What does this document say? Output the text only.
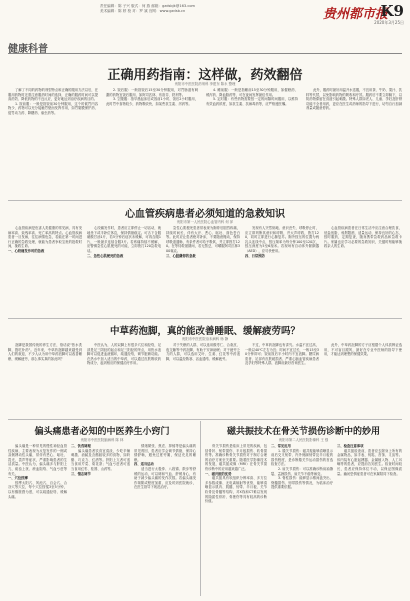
责任编辑：陈 子兴 版式：何 燕 邮箱：gzdsbjk@163.com
美术编辑：陈 婷 校 对：罗 斌 官网：www.gzdsb.cn	贵州都市报
K9
2020年3月25日
健康科普
正确用药指南：这样做，药效翻倍
贵阳市中医医院药剂科 李建东 陈永 整理

了解了不同的药物的剂型特点和正确的服用方法以后，在服用药物时还需注意服药时间的选择，正确的服药时间可以提高药效、降低药物的不良反应，更好地达到治疗疾病的目的。

1. 饭前服：一般是指饭前30分钟服用，这个时候胃内容物少，药物可以充分接触胃壁而发挥作用，如胃黏膜保护药、促胃动力药、降糖药、驱虫药等。

2. 饭后服：一般指饭后15至30分钟服用，对胃肠道有刺激的药物宜饭后服用，如阿司匹林、布洛芬、铁剂等。

3. 空腹服：指早晨起床后或饭前1小时、饭后2小时服用，此时胃中食物较少，药物吸收快，如某些抗生素、泻药等。

4. 睡前服：一般是指睡前15至30分钟服用，如催眠药、缓泻药、降血脂药等，可在夜间发挥最佳作用。

5. 定时服：有些药物需要按一定的间隔时间服用，以维持有效血药浓度，如抗生素、抗病毒药等，应严格遵医嘱。

此外，服药时最好用温开水送服，不宜用茶、牛奶、果汁、饮料等代替，以免影响药物的吸收和疗效。服药后不要立即躺下，以防药物滞留在食道引起刺激。特殊人群如老人、儿童、孕妇及肝肾功能不全者用药，更应在医生或药师的指导下进行，切勿自行加减剂量或随意停药。

心血管疾病患者必须知道的急救知识
贵阳市第一人民医院心血管内科 何 萍

心血管疾病是危害人类健康的常见病，具有发病率高、致残率高、死亡率高的特点。心血管疾病患者一旦发病，往往病情危急，若能在第一时间进行正确的急救处理，就能为患者争取宝贵的抢救时间，挽救生命。

一、心绞痛发作时的急救

心绞痛发作时，患者应立即停止一切活动，就地坐下或半卧位休息，保持情绪稳定。可舌下含服硝酸甘油1片，若5分钟后症状未缓解，可再含服1片，一般最多连续含服3片。若疼痛持续不缓解，应警惕急性心肌梗死的可能，立即拨打120急救电话。

二、急性心肌梗死的急救

急性心肌梗死患者常表现为胸骨后剧烈疼痛，持续时间长，伴有大汗、恶心、呕吐、面色苍白等。此时应让患者绝对卧床，不要随意搬动，保持呼吸道通畅，有条件者可给予吸氧，并立即拨打120。在等待救援期间，若无禁忌，可嚼服阿司匹林300毫克。

三、心脏骤停的急救

发现有人突然倒地、意识丧失、呼吸停止时，应立即判断其意识和呼吸，并大声呼救，拨打120，同时立即进行心肺复苏。胸外按压的位置为两乳头连线中点，按压频率为每分钟100至120次，按压深度为5至6厘米。若现场有自动体外除颤器（AED），应尽快使用。

四、日常预防

心血管疾病患者在日常生活中应注意合理饮食，低盐低脂，戒烟限酒，适量运动，保持良好的心态，按时服药，定期复查，随身携带急救药品和急救卡片。家属也应学习必要的急救知识，关键时刻能够挽救亲人的生命。

中草药泡脚，真的能改善睡眠、缓解疲劳吗？
贵阳市中医医院治未病科 杨 静

泡脚是我国传统的养生方法，俗话说"热水洗脚，胜吃补药"。近年来，中草药泡脚越来越受到人们的欢迎，不少人认为用中草药泡脚可以改善睡眠、缓解疲劳，那么事实真的如此吗？

中医认为，人的双脚上有很多穴位和经络，足部是足三阴经的起点和足三阳经的终点，用热水泡脚可以促进血液循环，疏通经络，调节脏腑功能。在热水中加入适当的中草药，可以通过皮肤吸收药物成分，起到相应的保健治疗作用。

对于失眠的人群，可以选用酸枣仁、合欢皮、夜交藤等中药泡脚，有助于安神助眠；对于疲劳乏力的人群，可以选用艾叶、生姜、红花等中药泡脚，可以温经散寒、活血通络、缓解疲劳。

不过，中草药泡脚也有讲究。水温不宜过高，一般以40℃左右为宜；时间不宜过长，一般15至30分钟即可；饭前饭后半小时内不宜泡脚。糖尿病患者、足部有皮肤破损者、严重心脑血管疾病患者及孕妇等特殊人群，泡脚前最好咨询医生。

此外，中草药泡脚的方子应根据个人体质辨证选用，不可盲目跟风，最好在专业中医师的指导下使用，才能达到理想的保健效果。

偏头痛患者必知的中医养生小窍门
贵阳市中医医院脑病科 陈 林

偏头痛是一种常见的慢性神经血管性疾病，主要表现为反复发作的一侧或双侧搏动性头痛，常伴有恶心、呕吐、畏光、畏声等症状，严重影响患者的生活质量。中医认为，偏头痛多与肝阳上亢、痰浊上扰、瘀血阻络、气血亏虚等有关。

一、穴位按摩

按摩太阳穴、风池穴、百会穴、合谷穴等穴位，每个穴位按揉3至5分钟，以有酸胀感为度，可以疏通经络、缓解头痛。

二、饮食调理

偏头痛患者饮食宜清淡，少吃辛辣刺激、油腻及含酪胺较多的食物，如奶酪、巧克力、红酒等。肝阳上亢者可适当食用芹菜、菊花茶；气血亏虚者可适当食用红枣、桂圆、山药等。

三、情志调节

情绪紧张、焦虑、抑郁等是偏头痛的常见诱因，患者应学会调节情绪，保持心情舒畅，避免过度劳累，保证充足的睡眠。

四、适当运动

适当进行太极拳、八段锦、散步等舒缓的运动，可以调和气血、舒缓身心，有助于减少偏头痛的发作次数。若偏头痛发作频繁或程度加重，应及时到医院就诊，在医生指导下规范治疗。

磁共振技术在骨关节损伤诊断中的妙用
贵阳市第二人民医院影像科 王 强

骨关节损伤是临床上常见的疾病，包括骨折、韧带损伤、半月板损伤、软骨损伤等。准确诊断骨关节损伤对于制订合理的治疗方案至关重要。随着医学影像技术的发展，磁共振成像（MRI）在骨关节损伤诊断中的应用越来越广泛。

一、磁共振的优势

磁共振具有软组织分辨率高、多方位多参数成像、无电离辐射等优势，能够清晰显示肌肉、肌腱、韧带、半月板、关节软骨及骨髓等结构，对X线和CT难以发现的隐匿性骨折、骨挫伤等具有较高的诊断价值。

二、常见应用

1. 膝关节损伤：磁共振能够清晰显示前后交叉韧带、内外侧副韧带及半月板的损伤程度，是诊断膝关节运动损伤的首选检查方法。

2. 肩关节损伤：可以准确诊断肩袖撕裂、盂唇损伤、肩关节不稳等病变。

3. 脊柱损伤：能够显示椎间盘突出、脊髓损伤、韧带损伤等情况，为临床治疗提供重要依据。

三、检查注意事项

磁共振检查前，患者应去除身上所有的金属物品，如手表、钥匙、首饰、义齿等。体内装有心脏起搏器、金属植入物、人工耳蜗等的患者，应提前告知医生。检查时间较长，患者应保持体位不动，以保证图像质量。幽闭恐惧症患者可在家属陪同下检查。
